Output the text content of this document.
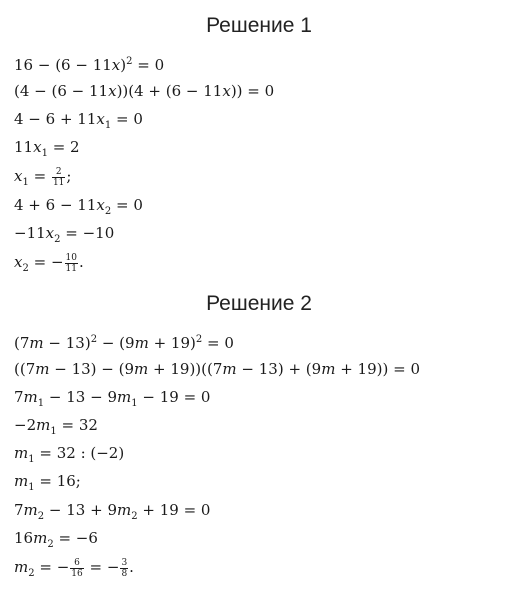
Решение 1
$16 - (6 - 11x)^2 = 0$
(4 − (6 − 11x))(4 + (6 − 11x)) = 0
$4 - 6 + 11x_1 = 0$
$11x_1 = 2$
$x_1 = \frac{2}{11}$ ;
$4 + 6 - 11x_2 = 0$
$-11x_2 = -10$
$x_2$ = − $\frac{10}{11}$ .
Решение 2
$(7m - 13)^2 - (9m + 19)^2 = 0$
((7m − 13) − (9m + 19))((7m − 13) + (9m + 19)) = 0
$7m_1 - 13 - 9m_1 - 19 = 0$
$-2m_1 = 32$
$m_1 = 32$ : (−2)
$m_1 = 16$;
$7m_2 - 13 + 9m_2 + 19 = 0$
$16m_2 = -6$
$m_2$ = − $\frac{6}{16}$ = − $\frac{3}{8}$ .
